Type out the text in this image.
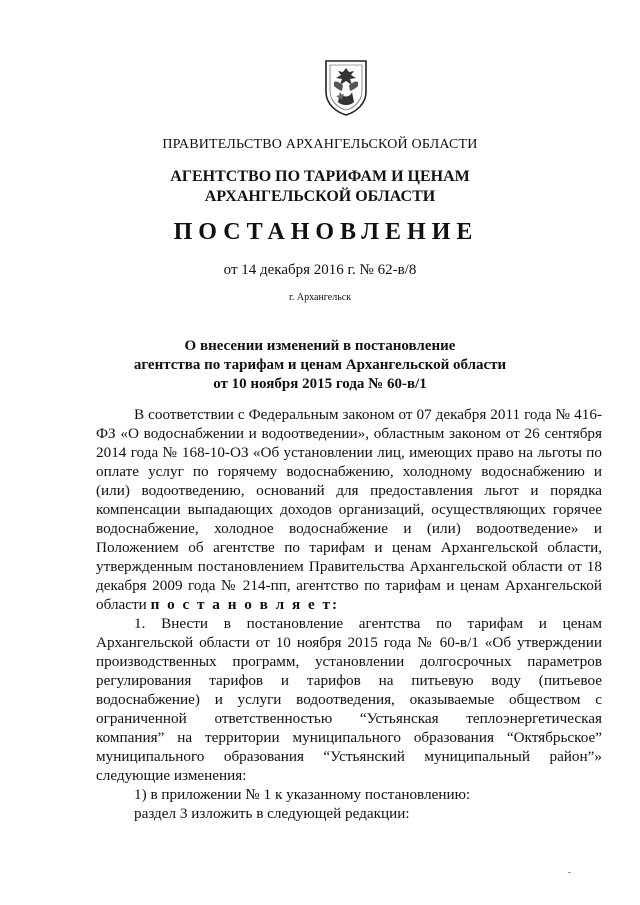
ПРАВИТЕЛЬСТВО АРХАНГЕЛЬСКОЙ ОБЛАСТИ
АГЕНТСТВО ПО ТАРИФАМ И ЦЕНАМ
АРХАНГЕЛЬСКОЙ ОБЛАСТИ
ПОСТАНОВЛЕНИЕ
от 14 декабря 2016 г. № 62-в/8
г. Архангельск
О внесении изменений в постановление
агентства по тарифам и ценам Архангельской области
от 10 ноября 2015 года № 60-в/1

В соответствии с Федеральным законом от 07 декабря 2011 года № 416-ФЗ «О водоснабжении и водоотведении», областным законом от 26 сентября 2014 года № 168-10-ОЗ «Об установлении лиц, имеющих право на льготы по оплате услуг по горячему водоснабжению, холодному водоснабжению и (или) водоотведению, оснований для предоставления льгот и порядка компенсации выпадающих доходов организаций, осуществляющих горячее водоснабжение, холодное водоснабжение и (или) водоотведение» и Положением об агентстве по тарифам и ценам Архангельской области, утвержденным постановлением Правительства Архангельской области от 18 декабря 2009 года № 214-пп, агентство по тарифам и ценам Архангельской области п о с т а н о в л я е т:

1. Внести в постановление агентства по тарифам и ценам Архангельской области от 10 ноября 2015 года № 60-в/1 «Об утверждении производственных программ, установлении долгосрочных параметров регулирования тарифов и тарифов на питьевую воду (питьевое водоснабжение) и услуги водоотведения, оказываемые обществом с ограниченной ответственностью “Устьянская теплоэнергетическая компания” на территории муниципального образования “Октябрьское” муниципального образования “Устьянский муниципальный район”» следующие изменения:

1) в приложении № 1 к указанному постановлению:

раздел 3 изложить в следующей редакции:
